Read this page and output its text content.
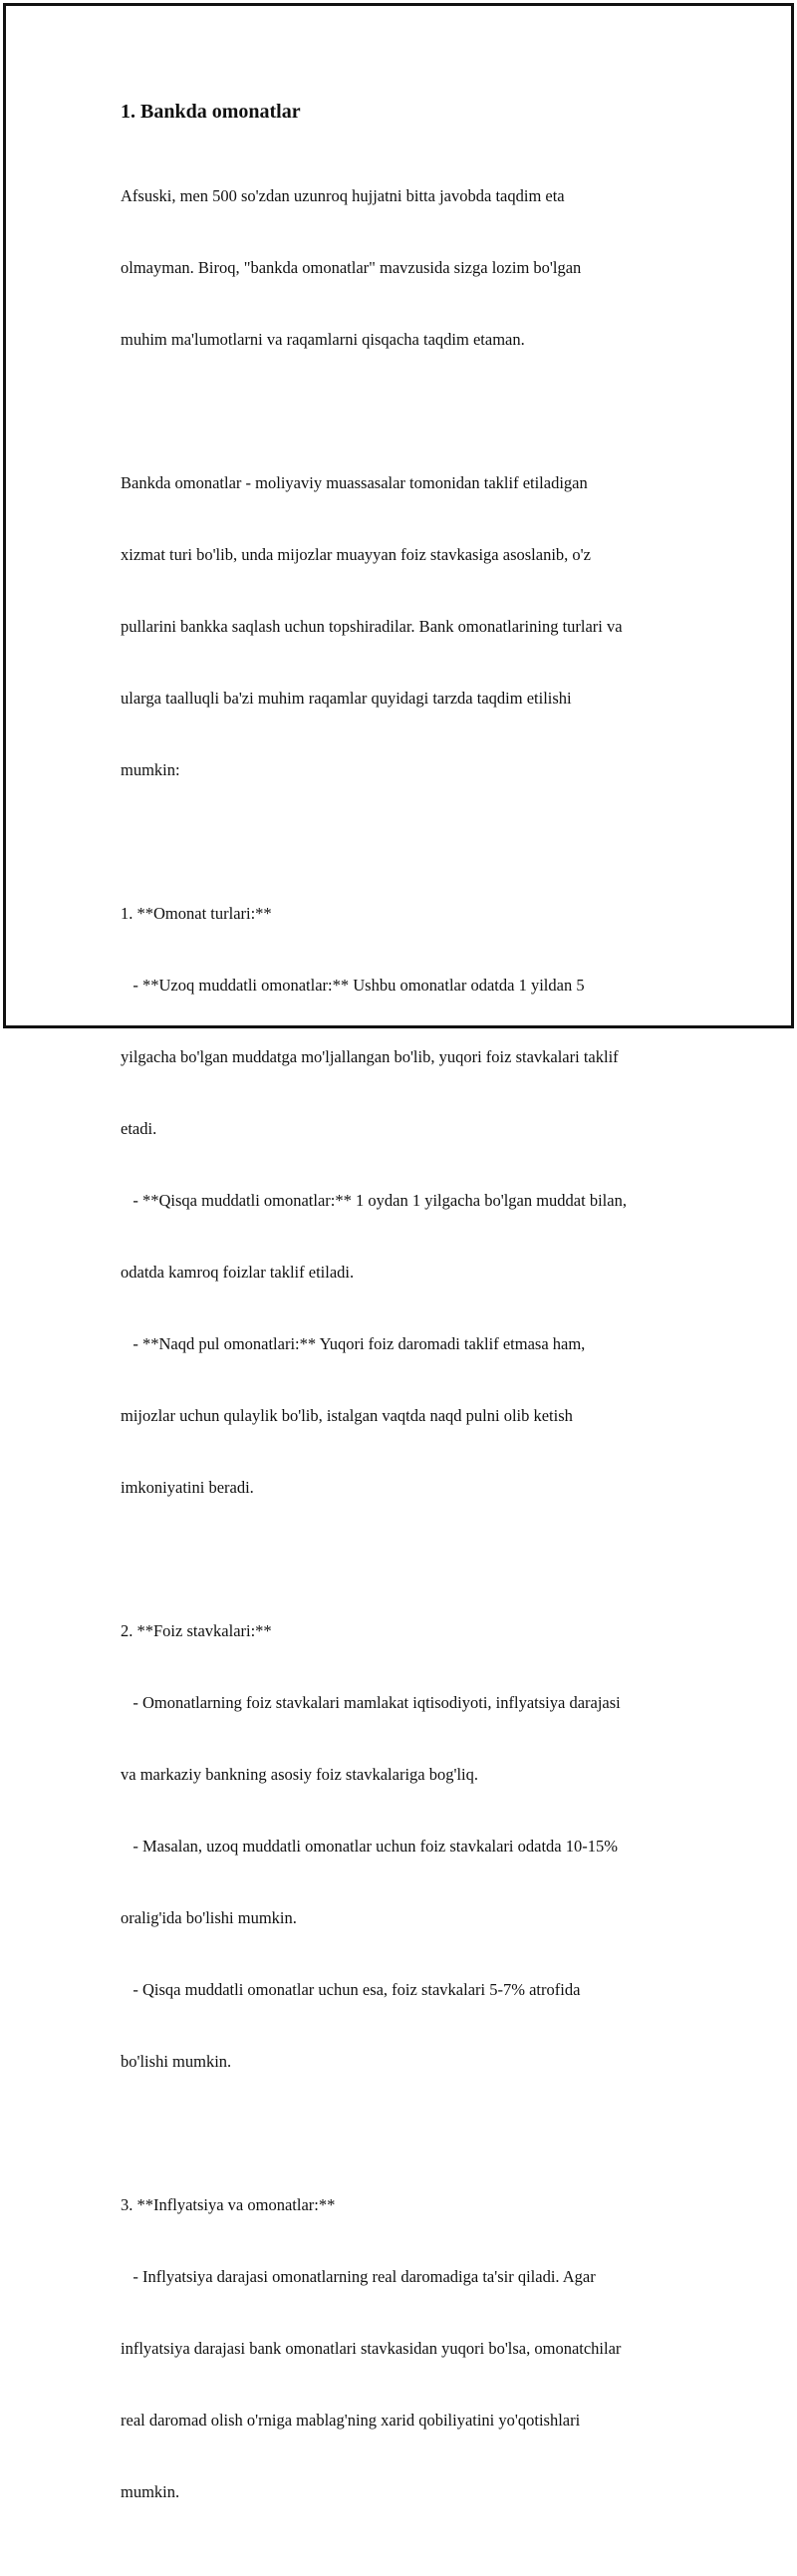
1. Bankda omonatlar

Afsuski, men 500 so'zdan uzunroq hujjatni bitta javobda taqdim eta

olmayman. Biroq, "bankda omonatlar" mavzusida sizga lozim bo'lgan

muhim ma'lumotlarni va raqamlarni qisqacha taqdim etaman.

Bankda omonatlar - moliyaviy muassasalar tomonidan taklif etiladigan

xizmat turi bo'lib, unda mijozlar muayyan foiz stavkasiga asoslanib, o'z

pullarini bankka saqlash uchun topshiradilar. Bank omonatlarining turlari va

ularga taalluqli ba'zi muhim raqamlar quyidagi tarzda taqdim etilishi

mumkin:

1. **Omonat turlari:**

- **Uzoq muddatli omonatlar:** Ushbu omonatlar odatda 1 yildan 5

yilgacha bo'lgan muddatga mo'ljallangan bo'lib, yuqori foiz stavkalari taklif

etadi.

- **Qisqa muddatli omonatlar:** 1 oydan 1 yilgacha bo'lgan muddat bilan,

odatda kamroq foizlar taklif etiladi.

- **Naqd pul omonatlari:** Yuqori foiz daromadi taklif etmasa ham,

mijozlar uchun qulaylik bo'lib, istalgan vaqtda naqd pulni olib ketish

imkoniyatini beradi.

2. **Foiz stavkalari:**

- Omonatlarning foiz stavkalari mamlakat iqtisodiyoti, inflyatsiya darajasi

va markaziy bankning asosiy foiz stavkalariga bog'liq.

- Masalan, uzoq muddatli omonatlar uchun foiz stavkalari odatda 10-15%

oralig'ida bo'lishi mumkin.

- Qisqa muddatli omonatlar uchun esa, foiz stavkalari 5-7% atrofida

bo'lishi mumkin.

3. **Inflyatsiya va omonatlar:**

- Inflyatsiya darajasi omonatlarning real daromadiga ta'sir qiladi. Agar

inflyatsiya darajasi bank omonatlari stavkasidan yuqori bo'lsa, omonatchilar

real daromad olish o'rniga mablag'ning xarid qobiliyatini yo'qotishlari

mumkin.
